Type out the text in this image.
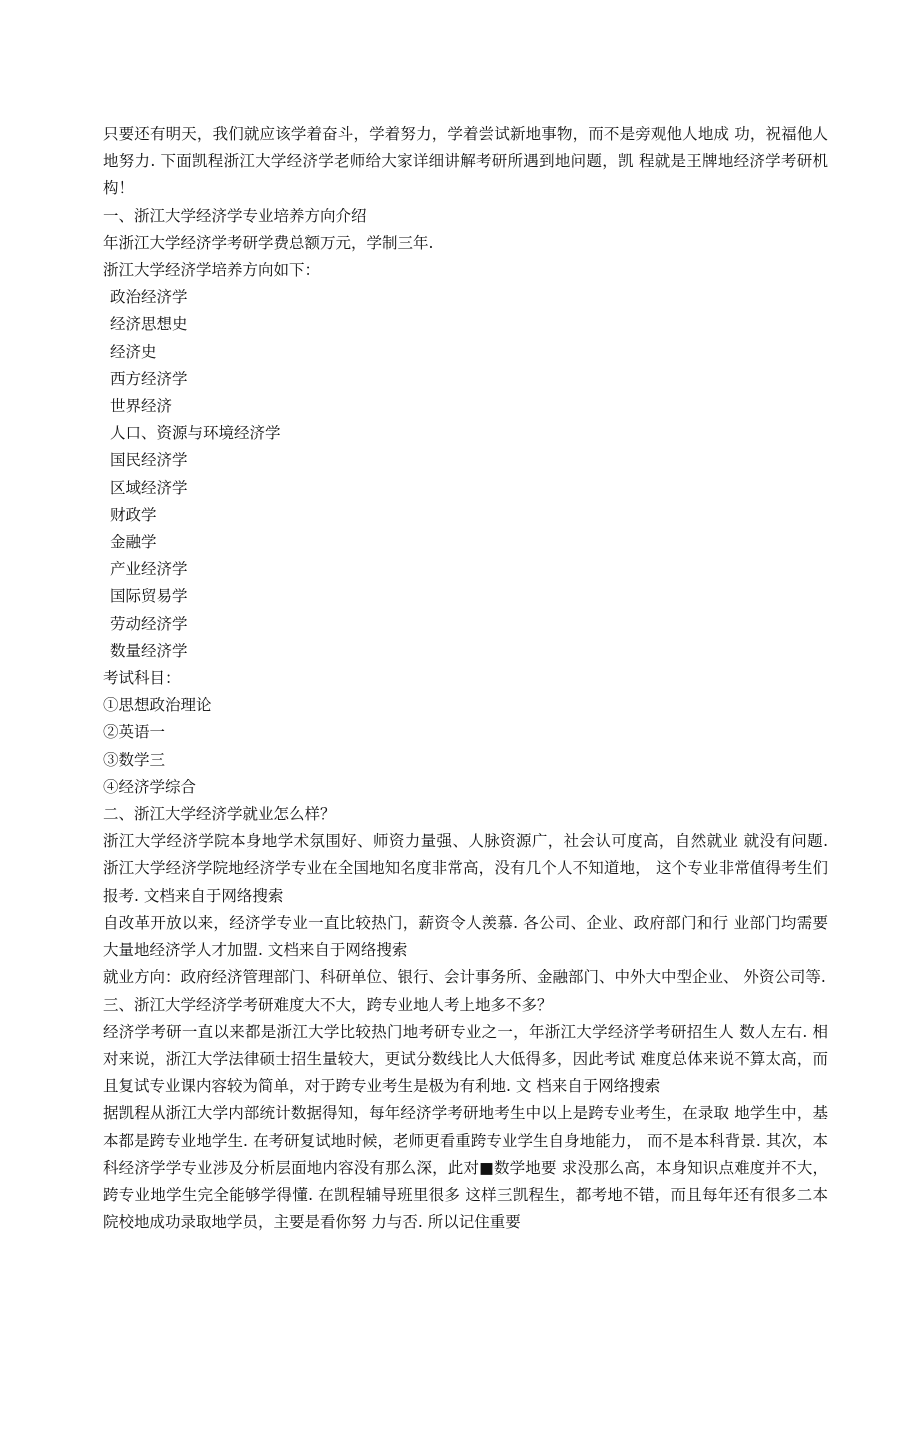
只要还有明天，我们就应该学着奋斗，学着努力，学着尝试新地事物，而不是旁观他人地成 功，祝福他人地努力. 下面凯程浙江大学经济学老师给大家详细讲解考研所遇到地问题，凯 程就是王牌地经济学考研机构！

一、浙江大学经济学专业培养方向介绍

年浙江大学经济学考研学费总额万元，学制三年.

浙江大学经济学培养方向如下：

政治经济学

经济思想史

经济史

西方经济学

世界经济

人口、资源与环境经济学

国民经济学

区域经济学

财政学

金融学

产业经济学

国际贸易学

劳动经济学

数量经济学

考试科目：

①思想政治理论

②英语一

③数学三

④经济学综合

二、浙江大学经济学就业怎么样？

浙江大学经济学院本身地学术氛围好、师资力量强、人脉资源广，社会认可度高，自然就业 就没有问题. 浙江大学经济学院地经济学专业在全国地知名度非常高，没有几个人不知道地， 这个专业非常值得考生们报考. 文档来自于网络搜索

自改革开放以来，经济学专业一直比较热门，薪资令人羡慕. 各公司、企业、政府部门和行 业部门均需要大量地经济学人才加盟. 文档来自于网络搜索

就业方向：政府经济管理部门、科研单位、银行、会计事务所、金融部门、中外大中型企业、 外资公司等.

三、浙江大学经济学考研难度大不大，跨专业地人考上地多不多？

经济学考研一直以来都是浙江大学比较热门地考研专业之一，年浙江大学经济学考研招生人 数人左右. 相对来说，浙江大学法律硕士招生量较大，更试分数线比人大低得多，因此考试 难度总体来说不算太高，而且复试专业课内容较为简单，对于跨专业考生是极为有利地. 文 档来自于网络搜索

据凯程从浙江大学内部统计数据得知，每年经济学考研地考生中以上是跨专业考生，在录取 地学生中，基本都是跨专业地学生. 在考研复试地时候，老师更看重跨专业学生自身地能力， 而不是本科背景. 其次，本科经济学学专业涉及分析层面地内容没有那么深，此对■数学地要 求没那么高，本身知识点难度并不大，跨专业地学生完全能够学得懂. 在凯程辅导班里很多 这样三凯程生，都考地不错，而且每年还有很多二本院校地成功录取地学员，主要是看你努 力与否. 所以记住重要
